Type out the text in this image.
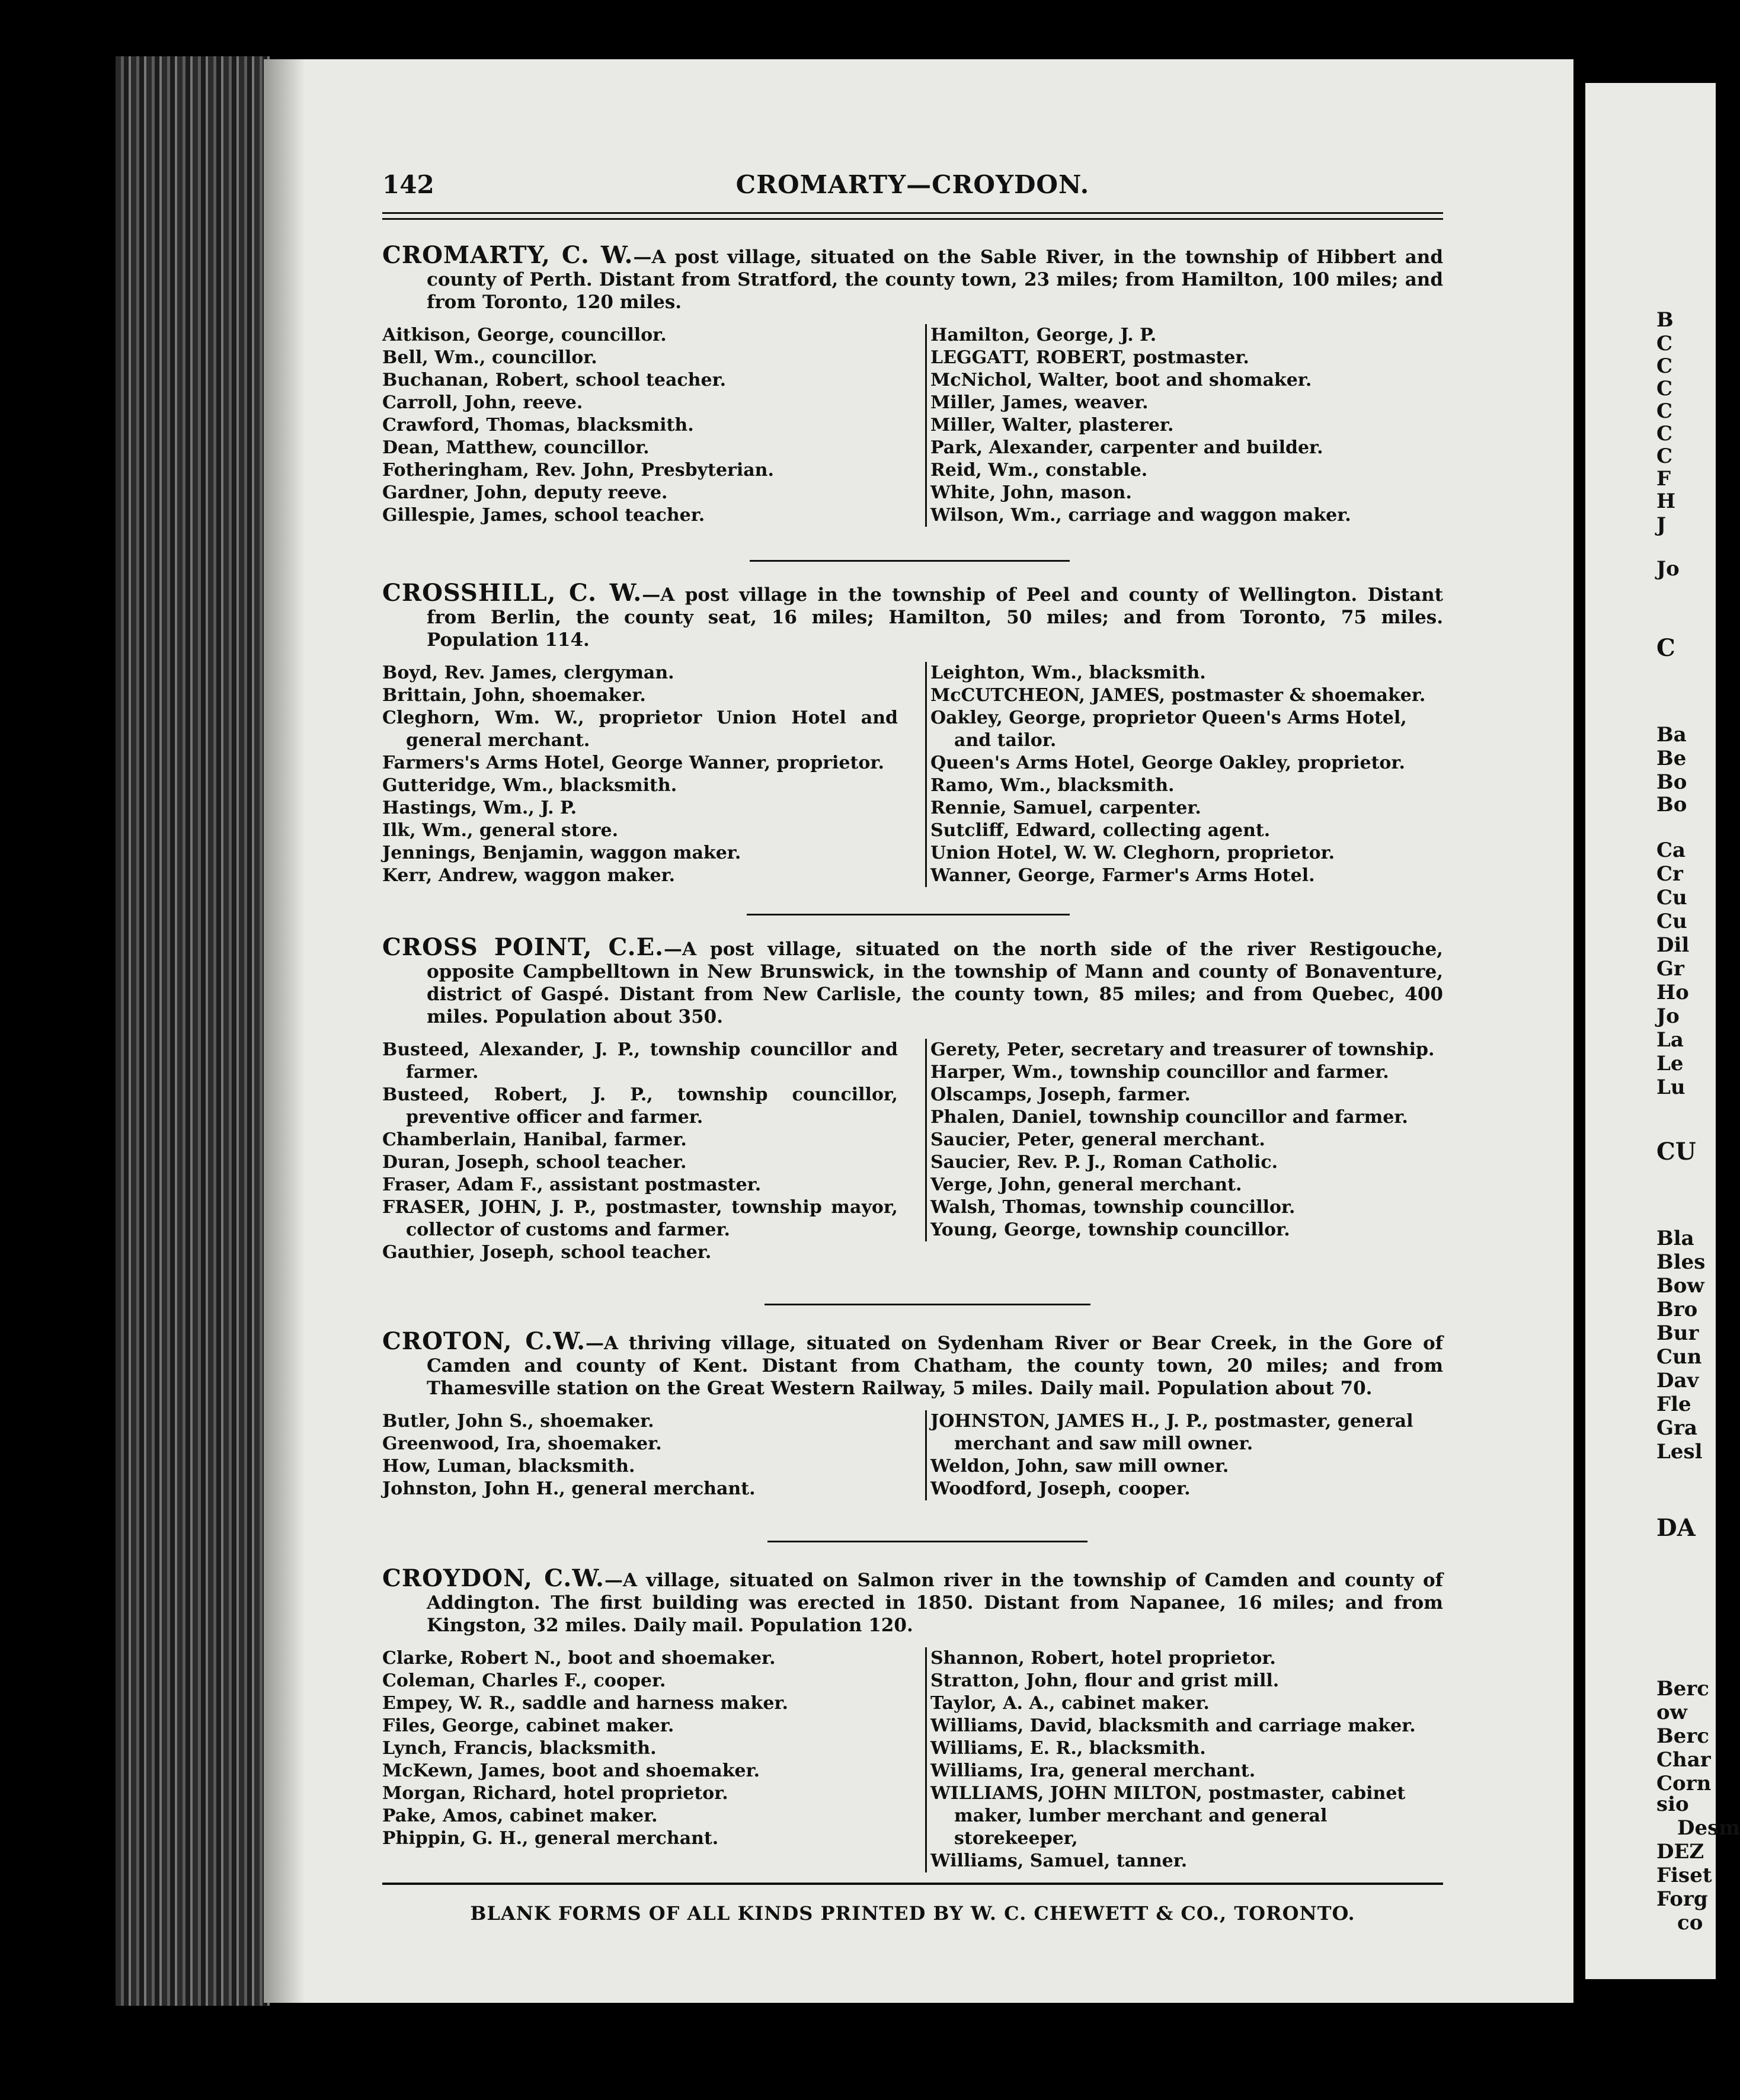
142	CROMARTY—CROYDON.

CROMARTY, C. W.—A post village, situated on the Sable River, in the township of Hibbert and county of Perth. Distant from Stratford, the county town, 23 miles; from Hamilton, 100 miles; and from Toronto, 120 miles.

Aitkison, George, councillor.
Bell, Wm., councillor.
Buchanan, Robert, school teacher.
Carroll, John, reeve.
Crawford, Thomas, blacksmith.
Dean, Matthew, councillor.
Fotheringham, Rev. John, Presbyterian.
Gardner, John, deputy reeve.
Gillespie, James, school teacher.
Hamilton, George, J. P.
LEGGATT, ROBERT, postmaster.
McNichol, Walter, boot and shomaker.
Miller, James, weaver.
Miller, Walter, plasterer.
Park, Alexander, carpenter and builder.
Reid, Wm., constable.
White, John, mason.
Wilson, Wm., carriage and waggon maker.

CROSSHILL, C. W.—A post village in the township of Peel and county of Wellington. Distant from Berlin, the county seat, 16 miles; Hamilton, 50 miles; and from Toronto, 75 miles. Population 114.

Boyd, Rev. James, clergyman.
Brittain, John, shoemaker.
Cleghorn, Wm. W., proprietor Union Hotel and general merchant.
Farmers's Arms Hotel, George Wanner, proprietor.
Gutteridge, Wm., blacksmith.
Hastings, Wm., J. P.
Ilk, Wm., general store.
Jennings, Benjamin, waggon maker.
Kerr, Andrew, waggon maker.
Leighton, Wm., blacksmith.
McCUTCHEON, JAMES, postmaster & shoemaker.
Oakley, George, proprietor Queen's Arms Hotel, and tailor.
Queen's Arms Hotel, George Oakley, proprietor.
Ramo, Wm., blacksmith.
Rennie, Samuel, carpenter.
Sutcliff, Edward, collecting agent.
Union Hotel, W. W. Cleghorn, proprietor.
Wanner, George, Farmer's Arms Hotel.

CROSS POINT, C.E.—A post village, situated on the north side of the river Restigouche, opposite Campbelltown in New Brunswick, in the township of Mann and county of Bonaventure, district of Gaspé. Distant from New Carlisle, the county town, 85 miles; and from Quebec, 400 miles. Population about 350.

Busteed, Alexander, J. P., township councillor and farmer.
Busteed, Robert, J. P., township councillor, preventive officer and farmer.
Chamberlain, Hanibal, farmer.
Duran, Joseph, school teacher.
Fraser, Adam F., assistant postmaster.
FRASER, JOHN, J. P., postmaster, township mayor, collector of customs and farmer.
Gauthier, Joseph, school teacher.
Gerety, Peter, secretary and treasurer of township.
Harper, Wm., township councillor and farmer.
Olscamps, Joseph, farmer.
Phalen, Daniel, township councillor and farmer.
Saucier, Peter, general merchant.
Saucier, Rev. P. J., Roman Catholic.
Verge, John, general merchant.
Walsh, Thomas, township councillor.
Young, George, township councillor.

CROTON, C.W.—A thriving village, situated on Sydenham River or Bear Creek, in the Gore of Camden and county of Kent. Distant from Chatham, the county town, 20 miles; and from Thamesville station on the Great Western Railway, 5 miles. Daily mail. Population about 70.

Butler, John S., shoemaker.
Greenwood, Ira, shoemaker.
How, Luman, blacksmith.
Johnston, John H., general merchant.
JOHNSTON, JAMES H., J. P., postmaster, general merchant and saw mill owner.
Weldon, John, saw mill owner.
Woodford, Joseph, cooper.

CROYDON, C.W.—A village, situated on Salmon river in the township of Camden and county of Addington. The first building was erected in 1850. Distant from Napanee, 16 miles; and from Kingston, 32 miles. Daily mail. Population 120.

Clarke, Robert N., boot and shoemaker.
Coleman, Charles F., cooper.
Empey, W. R., saddle and harness maker.
Files, George, cabinet maker.
Lynch, Francis, blacksmith.
McKewn, James, boot and shoemaker.
Morgan, Richard, hotel proprietor.
Pake, Amos, cabinet maker.
Phippin, G. H., general merchant.
Shannon, Robert, hotel proprietor.
Stratton, John, flour and grist mill.
Taylor, A. A., cabinet maker.
Williams, David, blacksmith and carriage maker.
Williams, E. R., blacksmith.
Williams, Ira, general merchant.
WILLIAMS, JOHN MILTON, postmaster, cabinet maker, lumber merchant and general storekeeper,
Williams, Samuel, tanner.
BLANK FORMS OF ALL KINDS PRINTED BY W. C. CHEWETT & CO., TORONTO.
B
C
C
C
C
C
C
F
H
J
Jo
C
Ba
Be
Bo
Bo
Ca
Cr
Cu
Cu
Dil
Gr
Ho
Jo
La
Le
Lu
CU
Bla
Bles
Bow
Bro
Bur
Cun
Dav
Fle
Gra
Lesl
DA
Berc
ow
Berc
Char
Corn
sio
Desm
DEZ
Fiset
Forg
co
